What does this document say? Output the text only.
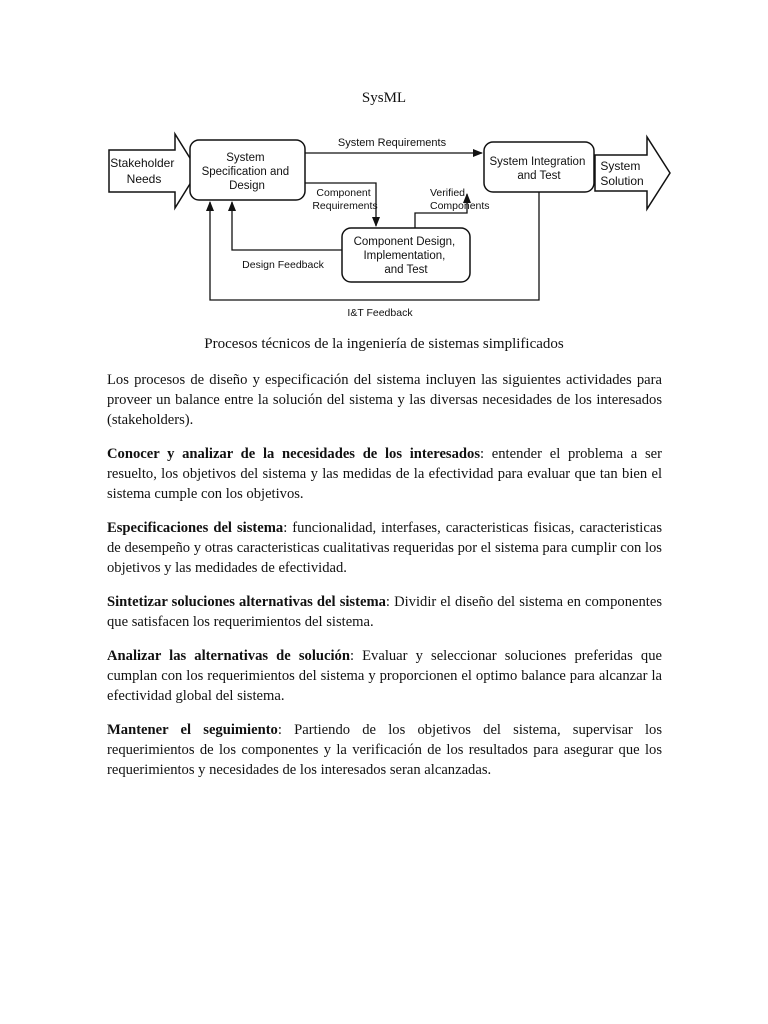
SysML
Stakeholder Needs
System Specification and Design
System Integration and Test
System Solution
Component Design, Implementation, and Test
System Requirements
Component Requirements
Verified Components
Design Feedback
I&T Feedback
Procesos técnicos de la ingeniería de sistemas simplificados

Los procesos de diseño y especificación del sistema incluyen las siguientes actividades para proveer un balance entre la solución del sistema y las diversas necesidades de los interesados (stakeholders).

Conocer y analizar de la necesidades de los interesados: entender el problema a ser resuelto, los objetivos del sistema y las medidas de la efectividad para evaluar que tan bien el sistema cumple con los objetivos.

Especificaciones del sistema: funcionalidad, interfases, caracteristicas fisicas, caracteristicas de desempeño y otras caracteristicas cualitativas requeridas por el sistema para cumplir con los objetivos y las medidades de efectividad.

Sintetizar soluciones alternativas del sistema: Dividir el diseño del sistema en componentes que satisfacen los requerimientos del sistema.

Analizar las alternativas de solución: Evaluar y seleccionar soluciones preferidas que cumplan con los requerimientos del sistema y proporcionen el optimo balance para alcanzar la efectividad global del sistema.

Mantener el seguimiento: Partiendo de los objetivos del sistema, supervisar los requerimientos de los componentes y la verificación de los resultados para asegurar que los requerimientos y necesidades de los interesados seran alcanzadas.
